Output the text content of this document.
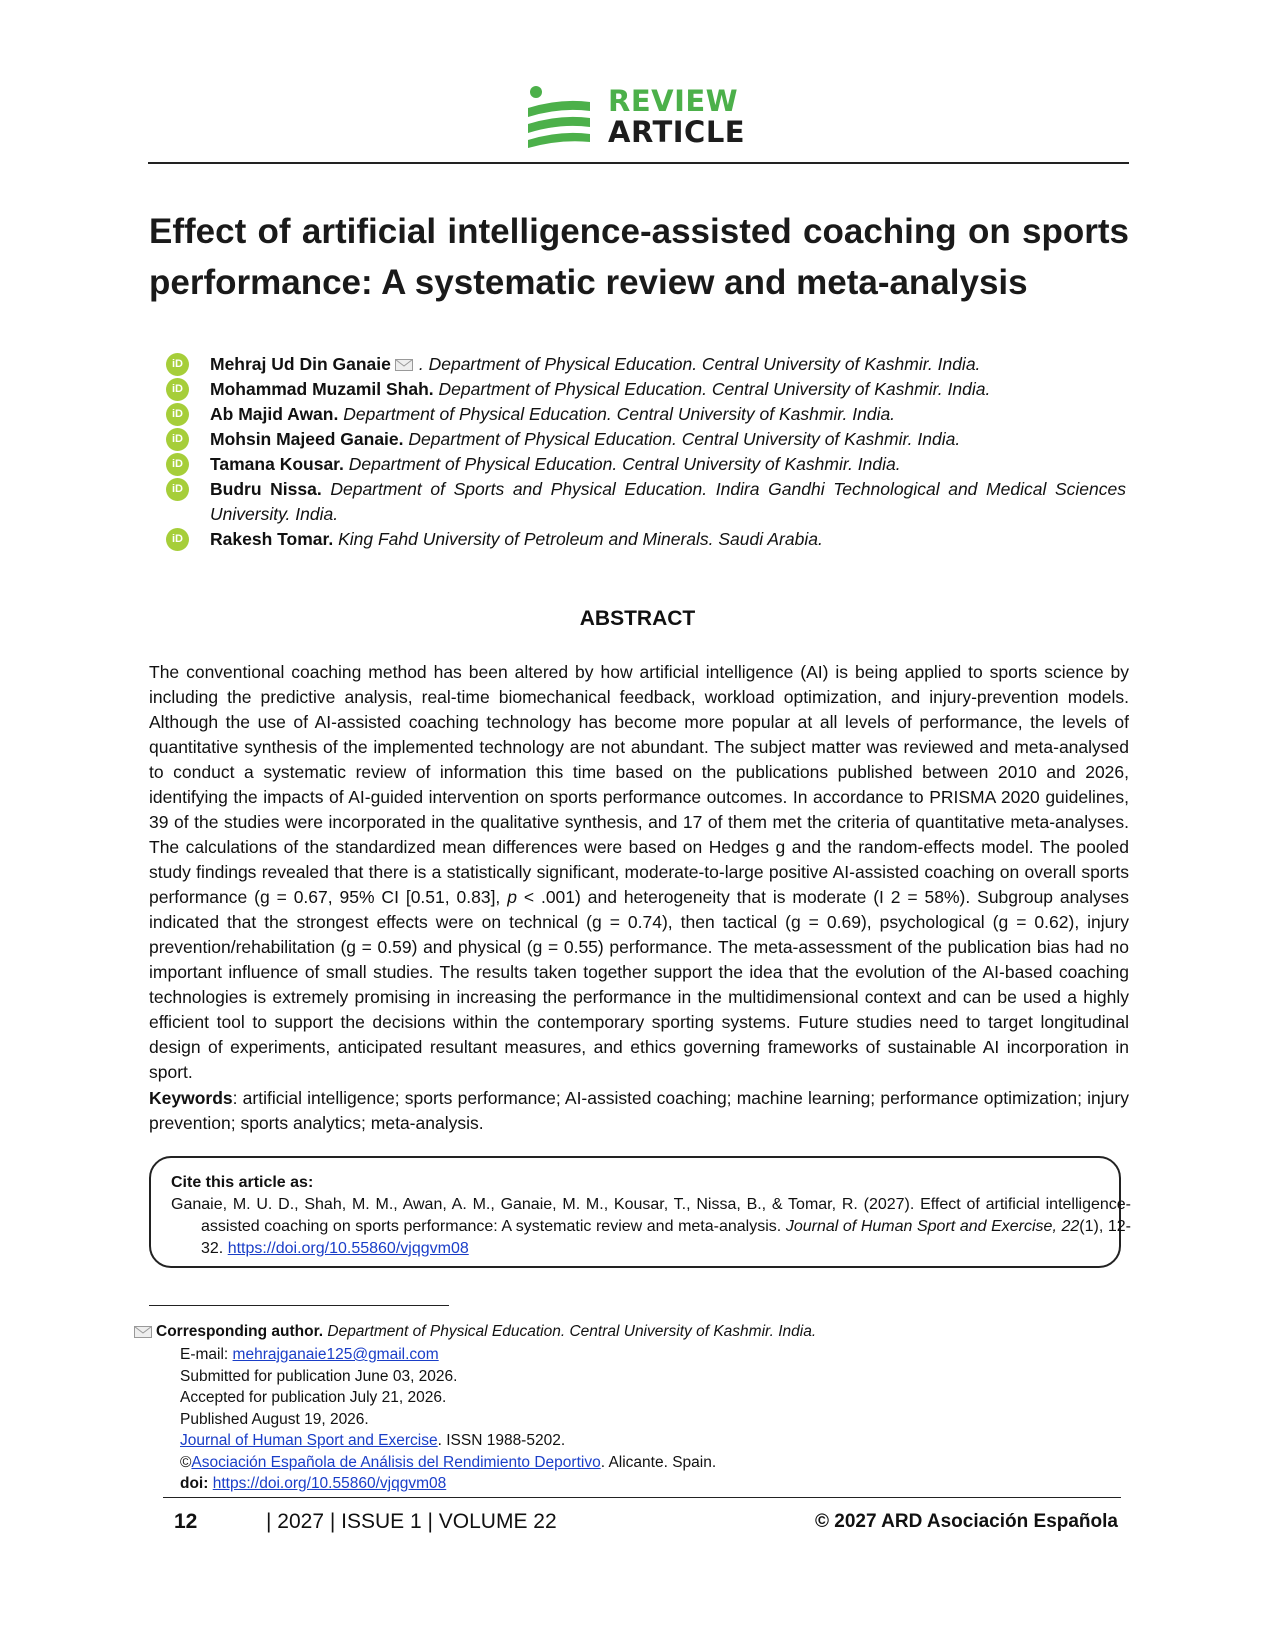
REVIEW
ARTICLE
Effect of artificial intelligence-assisted coaching on sports performance: A systematic review and meta-analysis
iD	Mehraj Ud Din Ganaie . Department of Physical Education. Central University of Kashmir. India.
iD	Mohammad Muzamil Shah. Department of Physical Education. Central University of Kashmir. India.
iD	Ab Majid Awan. Department of Physical Education. Central University of Kashmir. India.
iD	Mohsin Majeed Ganaie. Department of Physical Education. Central University of Kashmir. India.
iD	Tamana Kousar. Department of Physical Education. Central University of Kashmir. India.
iD	Budru Nissa. Department of Sports and Physical Education. Indira Gandhi Technological and Medical Sciences University. India.
iD	Rakesh Tomar. King Fahd University of Petroleum and Minerals. Saudi Arabia.
ABSTRACT

The conventional coaching method has been altered by how artificial intelligence (AI) is being applied to sports science by including the predictive analysis, real-time biomechanical feedback, workload optimization, and injury-prevention models. Although the use of AI-assisted coaching technology has become more popular at all levels of performance, the levels of quantitative synthesis of the implemented technology are not abundant. The subject matter was reviewed and meta-analysed to conduct a systematic review of information this time based on the publications published between 2010 and 2026, identifying the impacts of AI-guided intervention on sports performance outcomes. In accordance to PRISMA 2020 guidelines, 39 of the studies were incorporated in the qualitative synthesis, and 17 of them met the criteria of quantitative meta-analyses. The calculations of the standardized mean differences were based on Hedges g and the random-effects model. The pooled study findings revealed that there is a statistically significant, moderate-to-large positive AI-assisted coaching on overall sports performance (g = 0.67, 95% CI [0.51, 0.83], p < .001) and heterogeneity that is moderate (I 2 = 58%). Subgroup analyses indicated that the strongest effects were on technical (g = 0.74), then tactical (g = 0.69), psychological (g = 0.62), injury prevention/rehabilitation (g = 0.59) and physical (g = 0.55) performance. The meta-assessment of the publication bias had no important influence of small studies. The results taken together support the idea that the evolution of the AI-based coaching technologies is extremely promising in increasing the performance in the multidimensional context and can be used a highly efficient tool to support the decisions within the contemporary sporting systems. Future studies need to target longitudinal design of experiments, anticipated resultant measures, and ethics governing frameworks of sustainable AI incorporation in sport.

Keywords: artificial intelligence; sports performance; AI-assisted coaching; machine learning; performance optimization; injury prevention; sports analytics; meta-analysis.

Cite this article as:

Ganaie, M. U. D., Shah, M. M., Awan, A. M., Ganaie, M. M., Kousar, T., Nissa, B., & Tomar, R. (2027). Effect of artificial intelligence-assisted coaching on sports performance: A systematic review and meta-analysis. Journal of Human Sport and Exercise, 22(1), 12-32. https://doi.org/10.55860/vjqgvm08

Corresponding author. Department of Physical Education. Central University of Kashmir. India.

E-mail: mehrajganaie125@gmail.com
Submitted for publication June 03, 2026.
Accepted for publication July 21, 2026.
Published August 19, 2026.
Journal of Human Sport and Exercise. ISSN 1988-5202.
©Asociación Española de Análisis del Rendimiento Deportivo. Alicante. Spain.
doi: https://doi.org/10.55860/vjqgvm08
12	| 2027 | ISSUE 1 | VOLUME 22	© 2027 ARD Asociación Española
